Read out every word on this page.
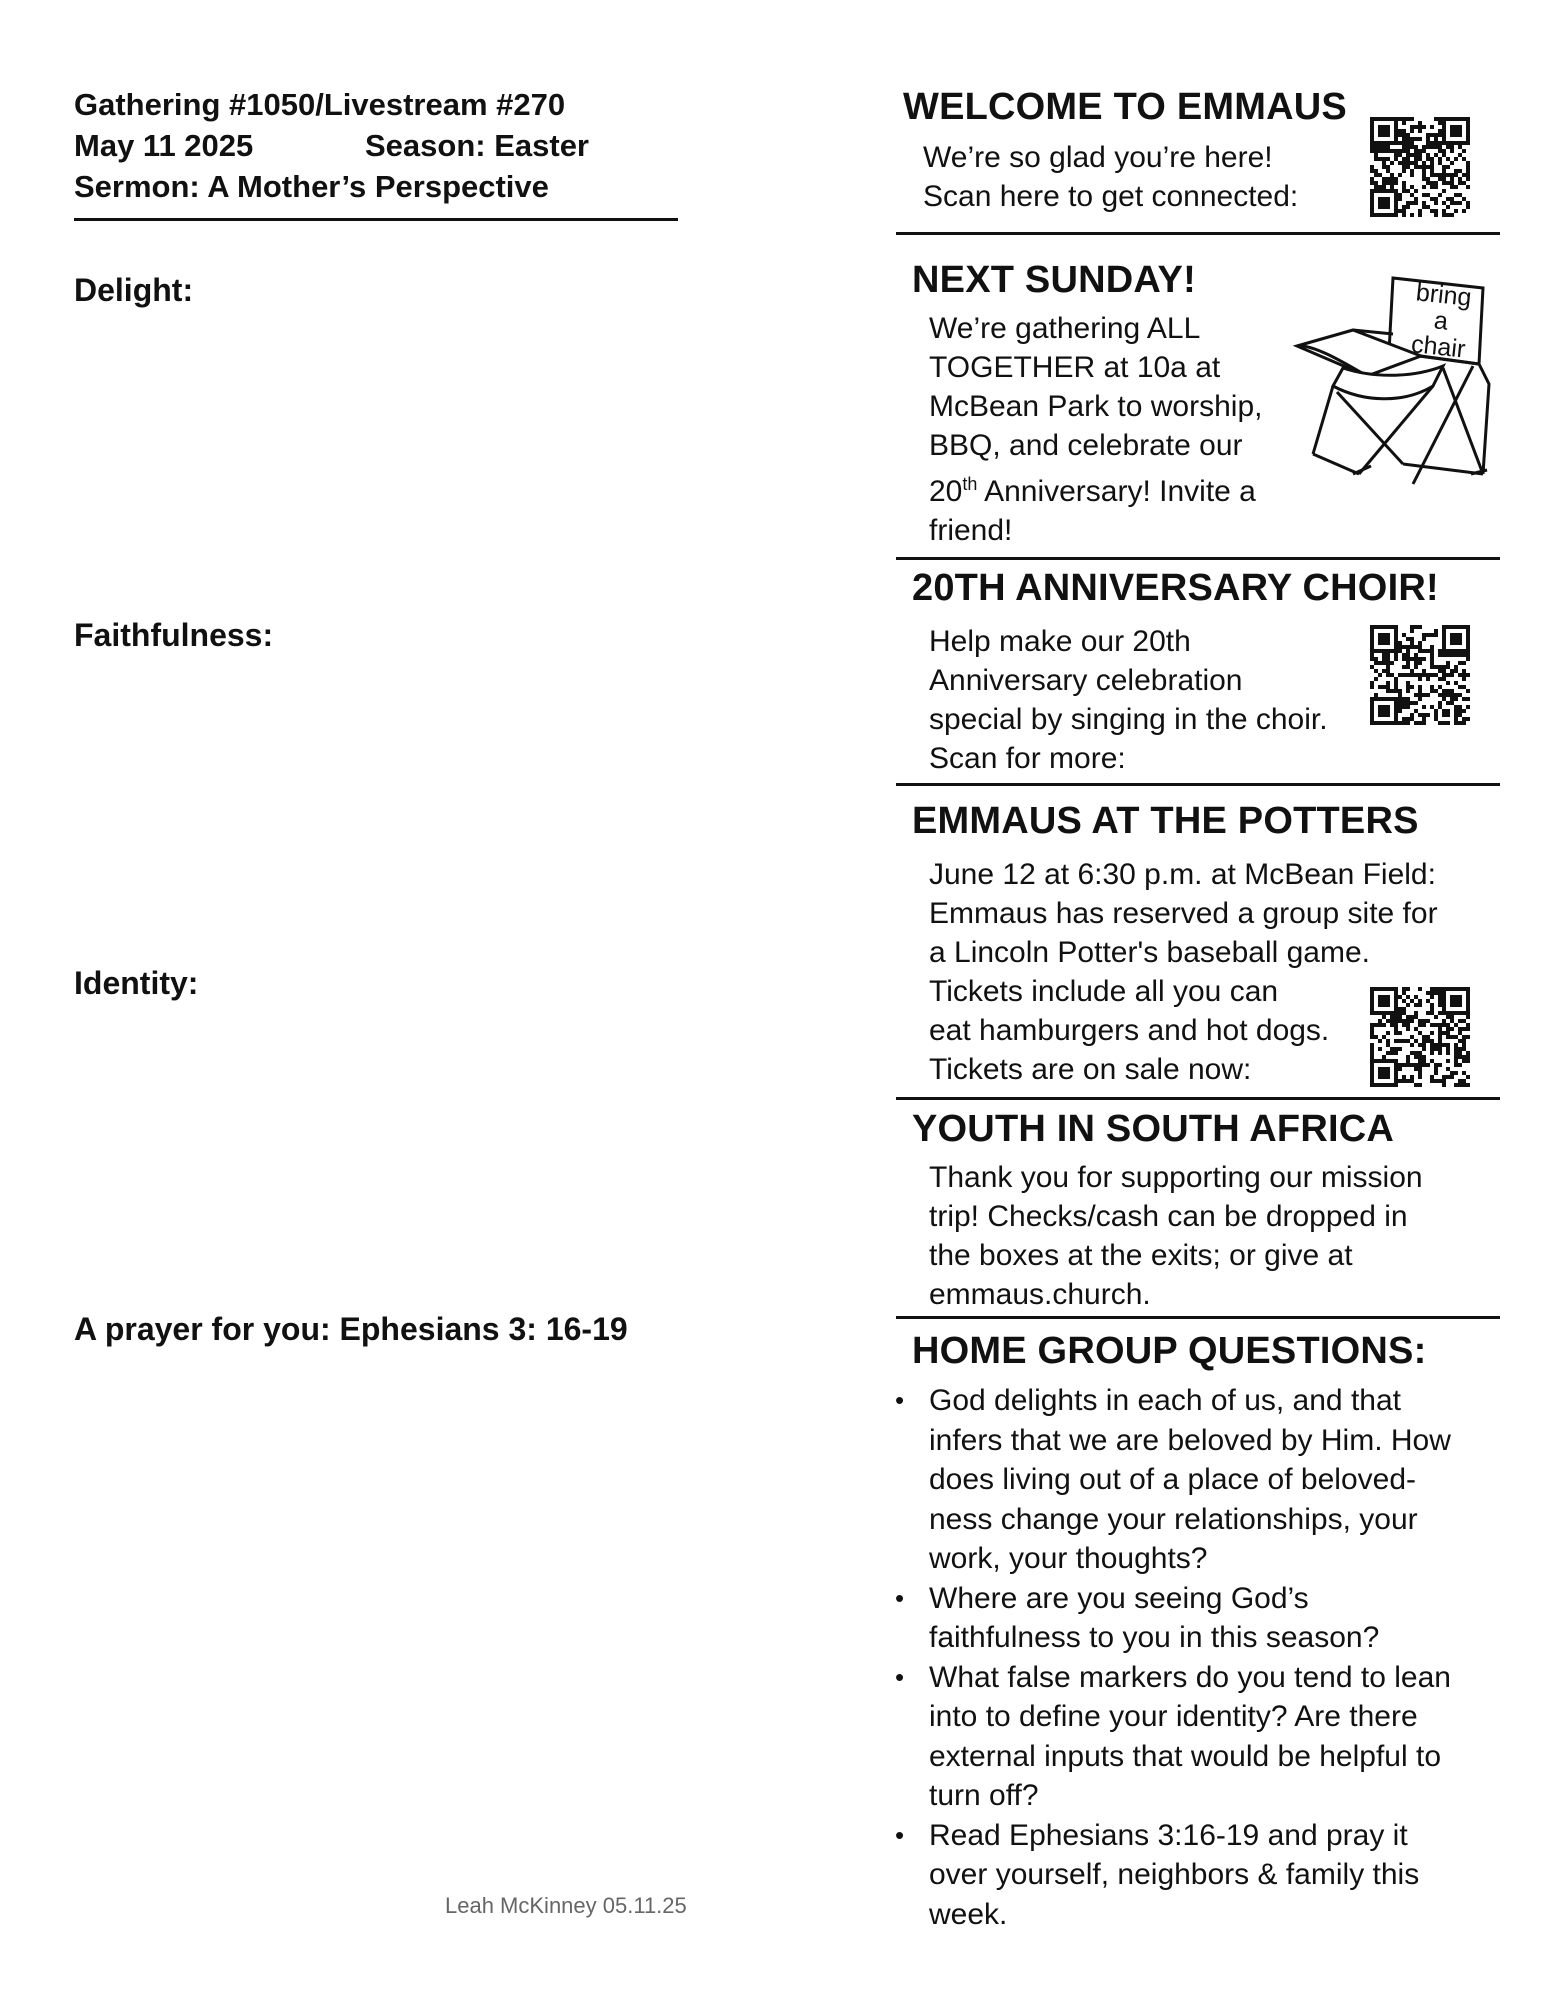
Gathering #1050/Livestream #270
May 11 2025	Season: Easter
Sermon: A Mother’s Perspective
Delight:
Faithfulness:
Identity:
A prayer for you: Ephesians 3: 16-19
Leah McKinney 05.11.25
WELCOME TO EMMAUS
We’re so glad you’re here!
Scan here to get connected:
NEXT SUNDAY!
We’re gathering ALL
TOGETHER at 10a at
McBean Park to worship,
BBQ, and celebrate our
20th Anniversary! Invite a
friend!
bring
a
chair
20TH ANNIVERSARY CHOIR!
Help make our 20th
Anniversary celebration
special by singing in the choir.
Scan for more:
EMMAUS AT THE POTTERS
June 12 at 6:30 p.m. at McBean Field:
Emmaus has reserved a group site for
a Lincoln Potter's baseball game.
Tickets include all you can
eat hamburgers and hot dogs.
Tickets are on sale now:
YOUTH IN SOUTH AFRICA
Thank you for supporting our mission
trip! Checks/cash can be dropped in
the boxes at the exits; or give at
emmaus.church.
HOME GROUP QUESTIONS:
• God delights in each of us, and that
infers that we are beloved by Him. How
does living out of a place of beloved-
ness change your relationships, your
work, your thoughts?
• Where are you seeing God’s
faithfulness to you in this season?
• What false markers do you tend to lean
into to define your identity? Are there
external inputs that would be helpful to
turn off?
• Read Ephesians 3:16-19 and pray it
over yourself, neighbors & family this
week.
